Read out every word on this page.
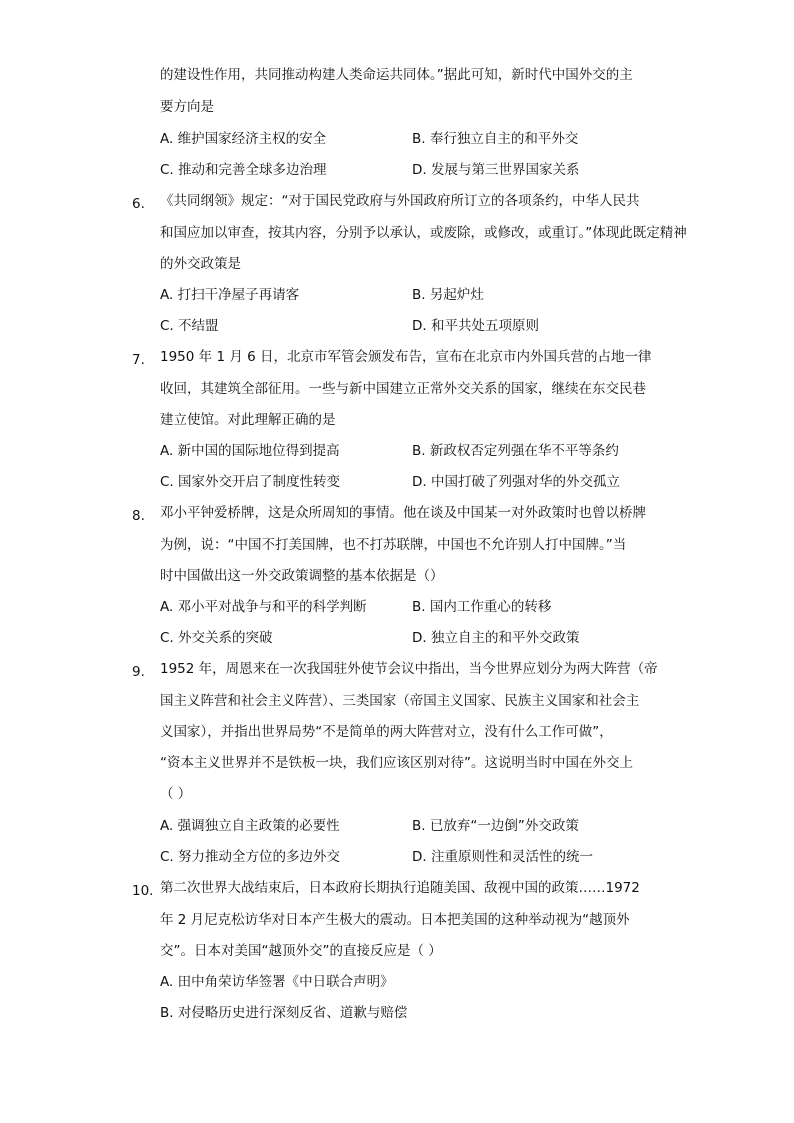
的建设性作用，共同推动构建人类命运共同体。”据此可知，新时代中国外交的主
要方向是
A. 维护国家经济主权的安全	B. 奉行独立自主的和平外交
C. 推动和完善全球多边治理	D. 发展与第三世界国家关系
6. 《共同纲领》规定：“对于国民党政府与外国政府所订立的各项条约，中华人民共
和国应加以审查，按其内容，分别予以承认，或废除，或修改，或重订。”体现此既定精神
的外交政策是
A. 打扫干净屋子再请客	B. 另起炉灶
C. 不结盟	D. 和平共处五项原则
7. 1950 年 1 月 6 日，北京市军管会颁发布告，宣布在北京市内外国兵营的占地一律
收回，其建筑全部征用。一些与新中国建立正常外交关系的国家，继续在东交民巷
建立使馆。对此理解正确的是
A. 新中国的国际地位得到提高	B. 新政权否定列强在华不平等条约
C. 国家外交开启了制度性转变	D. 中国打破了列强对华的外交孤立
8. 邓小平钟爱桥牌，这是众所周知的事情。他在谈及中国某一对外政策时也曾以桥牌
为例，说：“中国不打美国牌，也不打苏联牌，中国也不允许别人打中国牌。”当
时中国做出这一外交政策调整的基本依据是（）
A. 邓小平对战争与和平的科学判断	B. 国内工作重心的转移
C. 外交关系的突破	D. 独立自主的和平外交政策
9. 1952 年，周恩来在一次我国驻外使节会议中指出，当今世界应划分为两大阵营（帝
国主义阵营和社会主义阵营）、三类国家（帝国主义国家、民族主义国家和社会主
义国家），并指出世界局势“不是简单的两大阵营对立，没有什么工作可做”，
“资本主义世界并不是铁板一块，我们应该区别对待”。这说明当时中国在外交上
（ ）
A. 强调独立自主政策的必要性	B. 已放弃“一边倒”外交政策
C. 努力推动全方位的多边外交	D. 注重原则性和灵活性的统一
10. 第二次世界大战结束后，日本政府长期执行追随美国、敌视中国的政策……1972
年 2 月尼克松访华对日本产生极大的震动。日本把美国的这种举动视为“越顶外
交”。日本对美国“越顶外交”的直接反应是（ ）
A. 田中角荣访华签署《中日联合声明》
B. 对侵略历史进行深刻反省、道歉与赔偿
